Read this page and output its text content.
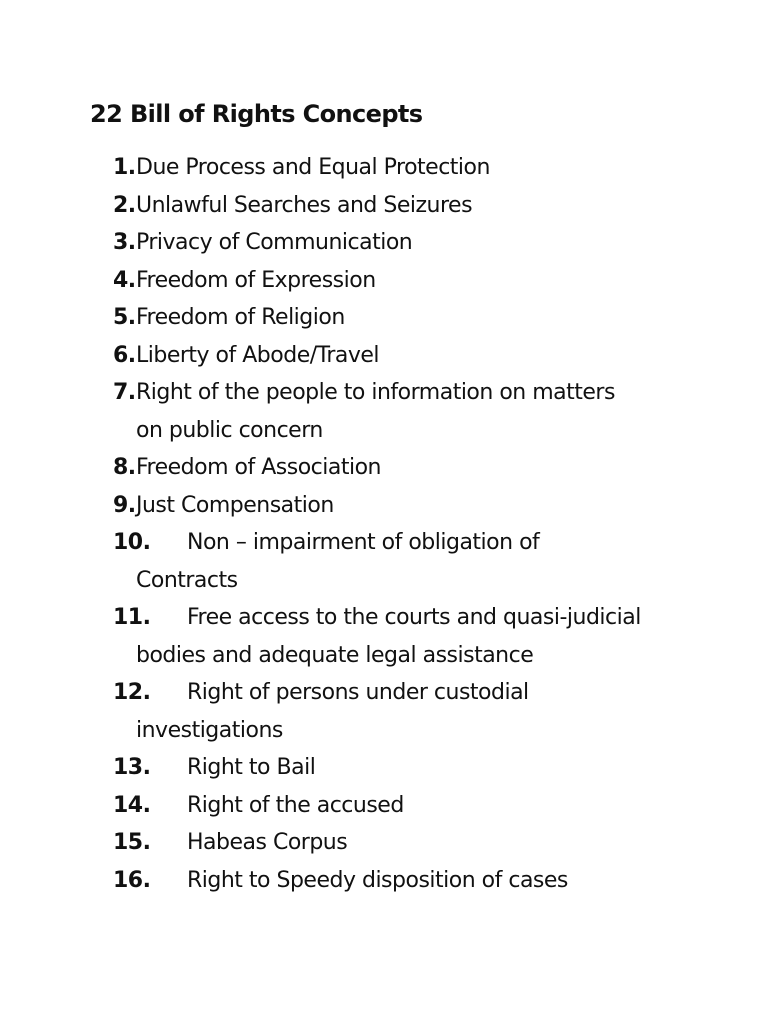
22 Bill of Rights Concepts
1. Due Process and Equal Protection
2. Unlawful Searches and Seizures
3. Privacy of Communication
4. Freedom of Expression
5. Freedom of Religion
6. Liberty of Abode/Travel
7. Right of the people to information on matters
on public concern
8. Freedom of Association
9. Just Compensation
10.	Non – impairment of obligation of
Contracts
11.	Free access to the courts and quasi-judicial
bodies and adequate legal assistance
12.	Right of persons under custodial
investigations
13.	Right to Bail
14.	Right of the accused
15.	Habeas Corpus
16.	Right to Speedy disposition of cases
